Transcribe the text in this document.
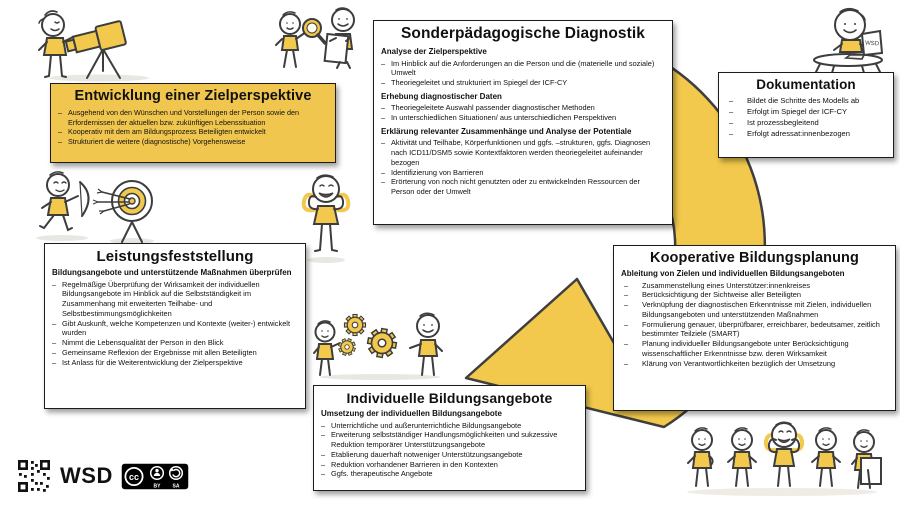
WSD
Entwicklung einer Zielperspektive
– Ausgehend von den Wünschen und Vorstellungen der Person sowie den Erfordernissen der aktuellen bzw. zukünftigen Lebenssituation
– Kooperativ mit dem am Bildungsprozess Beteiligten entwickelt
– Strukturiert die weitere (diagnostische) Vorgehensweise
Sonderpädagogische Diagnostik
Analyse der Zielperspektive
– Im Hinblick auf die Anforderungen an die Person und die (materielle und soziale) Umwelt
– Theoriegeleitet und strukturiert im Spiegel der ICF-CY
Erhebung diagnostischer Daten
– Theoriegeleitete Auswahl passender diagnostischer Methoden
– In unterschiedlichen Situationen/ aus unterschiedlichen Perspektiven
Erklärung relevanter Zusammenhänge und Analyse der Potentiale
– Aktivität und Teilhabe, Körperfunktionen und ggfs. –strukturen, ggfs. Diagnosen nach ICD11/DSM5 sowie Kontextfaktoren werden theoriegeleitet aufeinander bezogen
– Identifizierung von Barrieren
– Erörterung von noch nicht genutzten oder zu entwickelnden Ressourcen der Person oder der Umwelt
Dokumentation
– Bildet die Schritte des Modells ab
– Erfolgt im Spiegel der ICF-CY
– Ist prozessbegleitend
– Erfolgt adressat:innenbezogen
Kooperative Bildungsplanung
Ableitung von Zielen und individuellen Bildungsangeboten
– Zusammenstellung eines Unterstützer:innenkreises
– Berücksichtigung der Sichtweise aller Beteiligten
– Verknüpfung der diagnostischen Erkenntnisse mit Zielen, individuellen Bildungsangeboten und unterstützenden Maßnahmen
– Formulierung genauer, überprüfbarer, erreichbarer, bedeutsamer, zeitlich bestimmter Teilziele (SMART)
– Planung individueller Bildungsangebote unter Berücksichtigung wissenschaftlicher Erkenntnisse bzw. deren Wirksamkeit
– Klärung von Verantwortlichkeiten bezüglich der Umsetzung
Leistungsfeststellung
Bildungsangebote und unterstützende Maßnahmen überprüfen
– Regelmäßige Überprüfung der Wirksamkeit der individuellen Bildungsangebote im Hinblick auf die Selbstständigkeit im Zusammenhang mit erweiterten Teilhabe- und Selbstbestimmungsmöglichkeiten
– Gibt Auskunft, welche Kompetenzen und Kontexte (weiter-) entwickelt wurden
– Nimmt die Lebensqualität der Person in den Blick
– Gemeinsame Reflexion der Ergebnisse mit allen Beteiligten
– Ist Anlass für die Weiterentwicklung der Zielperspektive
Individuelle Bildungsangebote
Umsetzung der individuellen Bildungsangebote
– Unterrichtliche und außerunterrichtliche Bildungsangebote
– Erweiterung selbstständiger Handlungsmöglichkeiten und sukzessive Reduktion temporärer Unterstützungsangebote
– Etablierung dauerhaft notweniger Unterstützungsangebote
– Reduktion vorhandener Barrieren in den Kontexten
– Ggfs. therapeutische Angebote
WSD cc
BY SA
